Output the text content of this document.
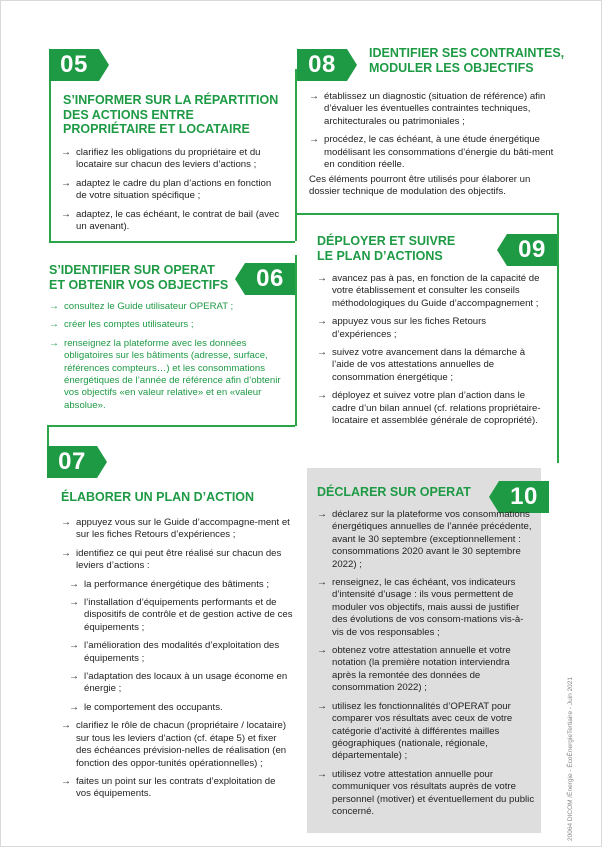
05
S’INFORMER SUR LA RÉPARTITION DES ACTIONS ENTRE PROPRIÉTAIRE ET LOCATAIRE
→ clarifiez les obligations du propriétaire et du locataire sur chacun des leviers d’actions ;
→ adaptez le cadre du plan d’actions en fonction de votre situation spécifique ;
→ adaptez, le cas échéant, le contrat de bail (avec un avenant).
06
S’IDENTIFIER SUR OPERAT ET OBTENIR VOS OBJECTIFS
→ consultez le Guide utilisateur OPERAT ;
→ créer les comptes utilisateurs ;
→ renseignez la plateforme avec les données obligatoires sur les bâtiments (adresse, surface, références compteurs…) et les consommations énergétiques de l’année de référence afin d’obtenir vos objectifs «en valeur relative» et en «valeur absolue».
07
ÉLABORER UN PLAN D’ACTION
→ appuyez vous sur le Guide d’accompagne-ment et sur les fiches Retours d’expériences ;
→ identifiez ce qui peut être réalisé sur chacun des leviers d’actions :
→ la performance énergétique des bâtiments ;
→ l’installation d’équipements performants et de dispositifs de contrôle et de gestion active de ces équipements ;
→ l’amélioration des modalités d’exploitation des équipements ;
→ l’adaptation des locaux à un usage économe en énergie ;
→ le comportement des occupants.
→ clarifiez le rôle de chacun (propriétaire / locataire) sur tous les leviers d’action (cf. étape 5) et fixer des échéances prévision-nelles de réalisation (en fonction des oppor-tunités opérationnelles) ;
→ faites un point sur les contrats d’exploitation de vos équipements.
08	IDENTIFIER SES CONTRAINTES, MODULER LES OBJECTIFS
→ établissez un diagnostic (situation de référence) afin d’évaluer les éventuelles contraintes techniques, architecturales ou patrimoniales ;
→ procédez, le cas échéant, à une étude énergétique modélisant les consommations d’énergie du bâti-ment en condition réelle.
Ces éléments pourront être utilisés pour élaborer un dossier technique de modulation des objectifs.
09
DÉPLOYER ET SUIVRE LE PLAN D’ACTIONS
→ avancez pas à pas, en fonction de la capacité de votre établissement et consulter les conseils méthodologiques du Guide d’accompagnement ;
→ appuyez vous sur les fiches Retours d’expériences ;
→ suivez votre avancement dans la démarche à l’aide de vos attestations annuelles de consommation énergétique ;
→ déployez et suivez votre plan d’action dans le cadre d’un bilan annuel (cf. relations propriétaire-locataire et assemblée générale de copropriété).
10
DÉCLARER SUR OPERAT
→ déclarez sur la plateforme vos consommations énergétiques annuelles de l’année précédente, avant le 30 septembre (exceptionnellement : consommations 2020 avant le 30 septembre 2022) ;
→ renseignez, le cas échéant, vos indicateurs d’intensité d’usage : ils vous permettent de moduler vos objectifs, mais aussi de justifier des évolutions de vos consom-mations vis-à-vis de vos responsables ;
→ obtenez votre attestation annuelle et votre notation (la première notation interviendra après la remontée des données de consommation 2022) ;
→ utilisez les fonctionnalités d’OPERAT pour comparer vos résultats avec ceux de votre catégorie d’activité à différentes mailles géographiques (nationale, régionale, départementale) ;
→ utilisez votre attestation annuelle pour communiquer vos résultats auprès de votre personnel (motiver) et éventuellement du public concerné.	20064 DICOM /Énergie - ÉcoÉnergieTertiaire - Juin 2021
